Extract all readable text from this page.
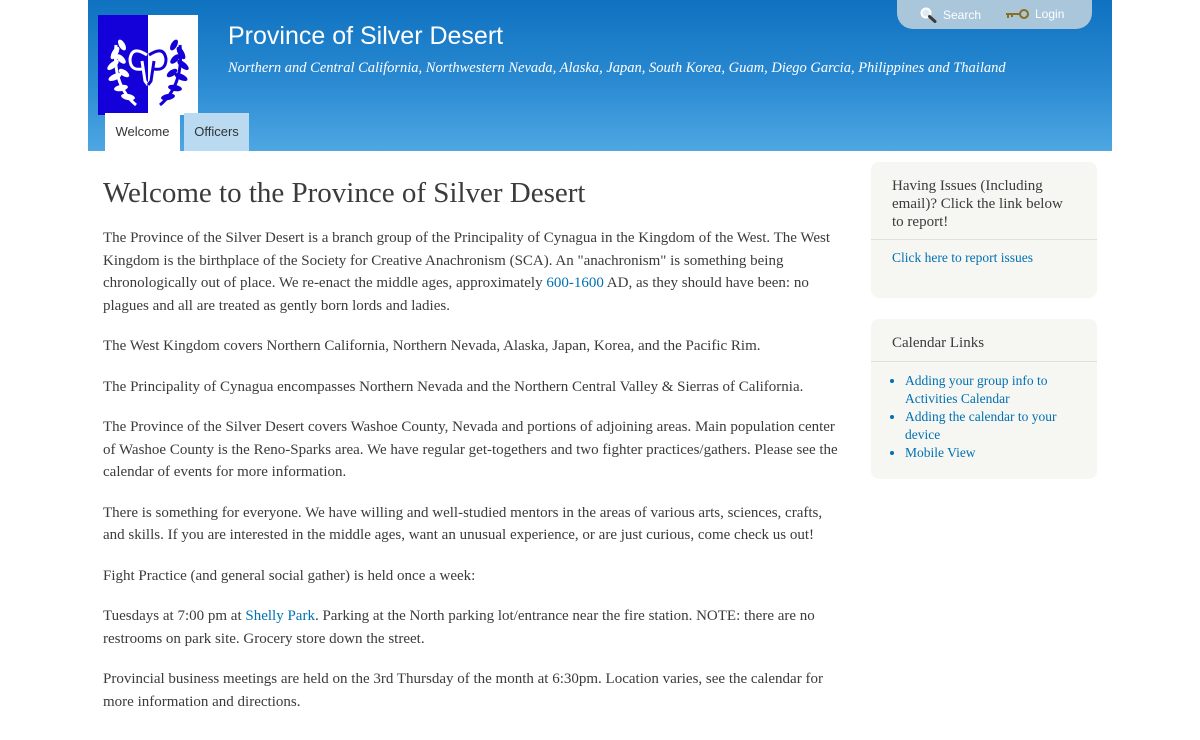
Province of Silver Desert
Northern and Central California, Northwestern Nevada, Alaska, Japan, South Korea, Guam, Diego Garcia, Philippines and Thailand
Search	Login
Welcome	Officers
Welcome to the Province of Silver Desert

The Province of the Silver Desert is a branch group of the Principality of Cynagua in the Kingdom of the West. The West Kingdom is the birthplace of the Society for Creative Anachronism (SCA). An "anachronism" is something being chronologically out of place. We re-enact the middle ages, approximately 600-1600 AD, as they should have been: no plagues and all are treated as gently born lords and ladies.

The West Kingdom covers Northern California, Northern Nevada, Alaska, Japan, Korea, and the Pacific Rim.

The Principality of Cynagua encompasses Northern Nevada and the Northern Central Valley & Sierras of California.

The Province of the Silver Desert covers Washoe County, Nevada and portions of adjoining areas. Main population center of Washoe County is the Reno-Sparks area. We have regular get-togethers and two fighter practices/gathers. Please see the calendar of events for more information.

There is something for everyone. We have willing and well-studied mentors in the areas of various arts, sciences, crafts, and skills. If you are interested in the middle ages, want an unusual experience, or are just curious, come check us out!

Fight Practice (and general social gather) is held once a week:

Tuesdays at 7:00 pm at Shelly Park. Parking at the North parking lot/entrance near the fire station. NOTE: there are no restrooms on park site. Grocery store down the street.

Provincial business meetings are held on the 3rd Thursday of the month at 6:30pm. Location varies, see the calendar for more information and directions.

Having Issues (Including email)? Click the link below to report!
Click here to report issues
Calendar Links
• Adding your group info to Activities Calendar
• Adding the calendar to your device
• Mobile View
